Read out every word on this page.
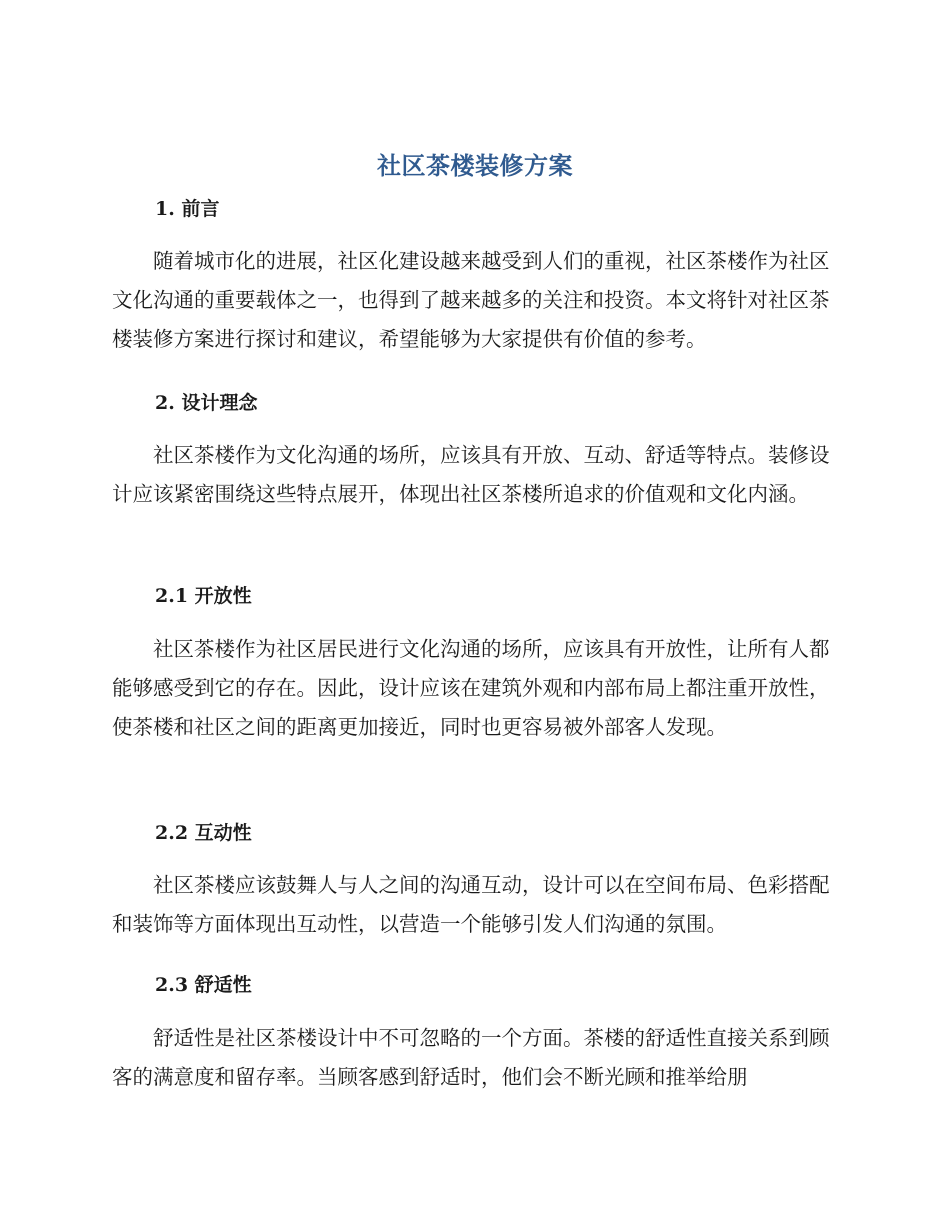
社区茶楼装修方案
1. 前言
随着城市化的进展，社区化建设越来越受到人们的重视，社区茶楼作为社区文化沟通的重要载体之一，也得到了越来越多的关注和投资。本文将针对社区茶楼装修方案进行探讨和建议，希望能够为大家提供有价值的参考。
2. 设计理念
社区茶楼作为文化沟通的场所，应该具有开放、互动、舒适等特点。装修设计应该紧密围绕这些特点展开，体现出社区茶楼所追求的价值观和文化内涵。
2.1 开放性
社区茶楼作为社区居民进行文化沟通的场所，应该具有开放性，让所有人都能够感受到它的存在。因此，设计应该在建筑外观和内部布局上都注重开放性，使茶楼和社区之间的距离更加接近，同时也更容易被外部客人发现。
2.2 互动性
社区茶楼应该鼓舞人与人之间的沟通互动，设计可以在空间布局、色彩搭配和装饰等方面体现出互动性，以营造一个能够引发人们沟通的氛围。
2.3 舒适性
舒适性是社区茶楼设计中不可忽略的一个方面。茶楼的舒适性直接关系到顾客的满意度和留存率。当顾客感到舒适时，他们会不断光顾和推举给朋
